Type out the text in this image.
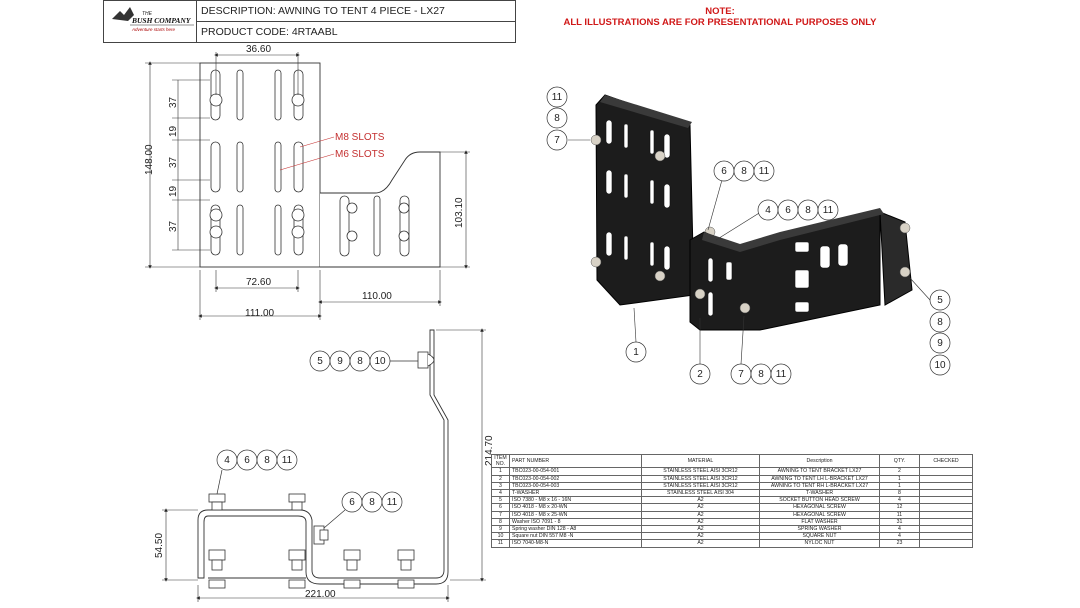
THE
BUSH COMPANY
Adventure starts here
	DESCRIPTION: AWNING TO TENT 4 PIECE - LX27
PRODUCT CODE: 4RTAABL
NOTE:
ALL ILLUSTRATIONS ARE FOR PRESENTATIONAL PURPOSES ONLY
36.60
148.00
37
19
37
19
37
72.60
111.00
110.00
103.10
M8 SLOTS
M6 SLOTS
214.70
54.50
221.00
5 9 8 10
4 6 8 11
6 8 11
11
8
7
6 8 11
4 6 8 11
1
2	7 8 11
5
8
9
10
ITEM NO.	PART NUMBER	MATERIAL	Description	QTY.	CHECKED
1	TBC023-00-054-001	STAINLESS STEEL AISI 3CR12	AWNING TO TENT BRACKET LX27	2	
2	TBC023-00-054-002	STAINLESS STEEL AISI 3CR12	AWNING TO TENT LH L-BRACKET LX27	1	
3	TBC023-00-054-003	STAINLESS STEEL AISI 3CR12	AWNING TO TENT RH L-BRACKET LX27	1	
4	T-WASHER	STAINLESS STEEL AISI 304	T-WASHER	8	
5	ISO 7380 - M8 x 16 - 16N	A2	SOCKET BUTTON HEAD SCREW	4	
6	ISO 4018 - M8 x 20-WN	A2	HEXAGONAL SCREW	12	
7	ISO 4018 - M8 x 25-WN	A2	HEXAGONAL SCREW	11	
8	Washer ISO 7091 - 8	A2	FLAT WASHER	31	
9	Spring washer DIN 128 - A8	A2	SPRING WASHER	4	
10	Square nut DIN 557 M8 -N	A2	SQUARE NUT	4	
11	ISO 7040-M8-N	A2	NYLOC NUT	23	
